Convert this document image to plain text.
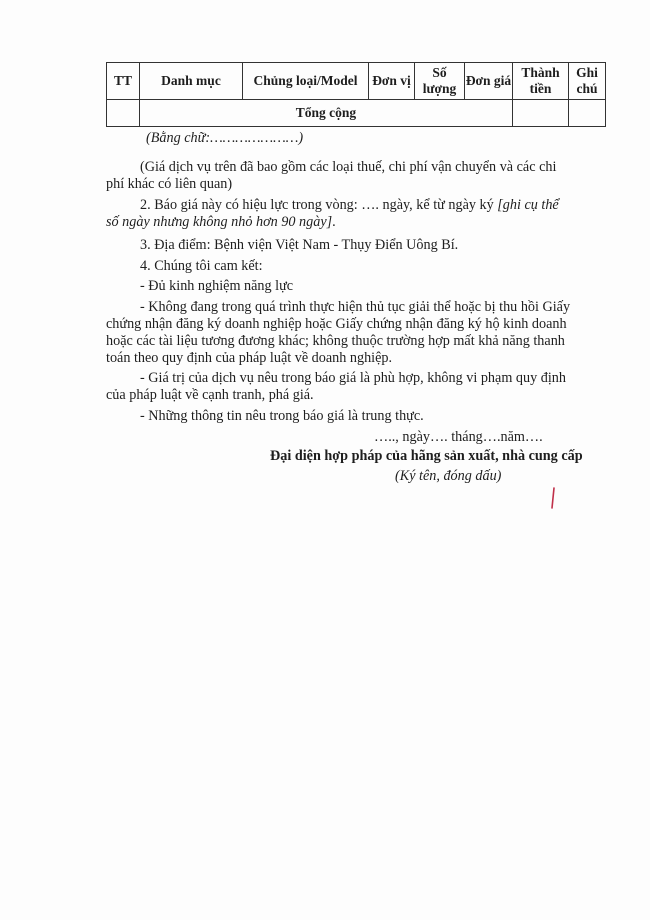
TT	Danh mục	Chủng loại/Model	Đơn vị	Số lượng	Đơn giá	Thành tiền	Ghi chú
	Tổng cộng						
(Bằng chữ:…………………)
(Giá dịch vụ trên đã bao gồm các loại thuế, chi phí vận chuyển và các chi
phí khác có liên quan)
2. Báo giá này có hiệu lực trong vòng: …. ngày, kể từ ngày ký [ghi cụ thể
số ngày nhưng không nhỏ hơn 90 ngày].
3. Địa điểm: Bệnh viện Việt Nam - Thụy Điển Uông Bí.
4. Chúng tôi cam kết:
- Đủ kinh nghiệm năng lực
- Không đang trong quá trình thực hiện thủ tục giải thể hoặc bị thu hồi Giấy
chứng nhận đăng ký doanh nghiệp hoặc Giấy chứng nhận đăng ký hộ kinh doanh
hoặc các tài liệu tương đương khác; không thuộc trường hợp mất khả năng thanh
toán theo quy định của pháp luật về doanh nghiệp.
- Giá trị của dịch vụ nêu trong báo giá là phù hợp, không vi phạm quy định
của pháp luật về cạnh tranh, phá giá.
- Những thông tin nêu trong báo giá là trung thực.
….., ngày…. tháng….năm….
Đại diện hợp pháp của hãng sản xuất, nhà cung cấp
(Ký tên, đóng dấu)
